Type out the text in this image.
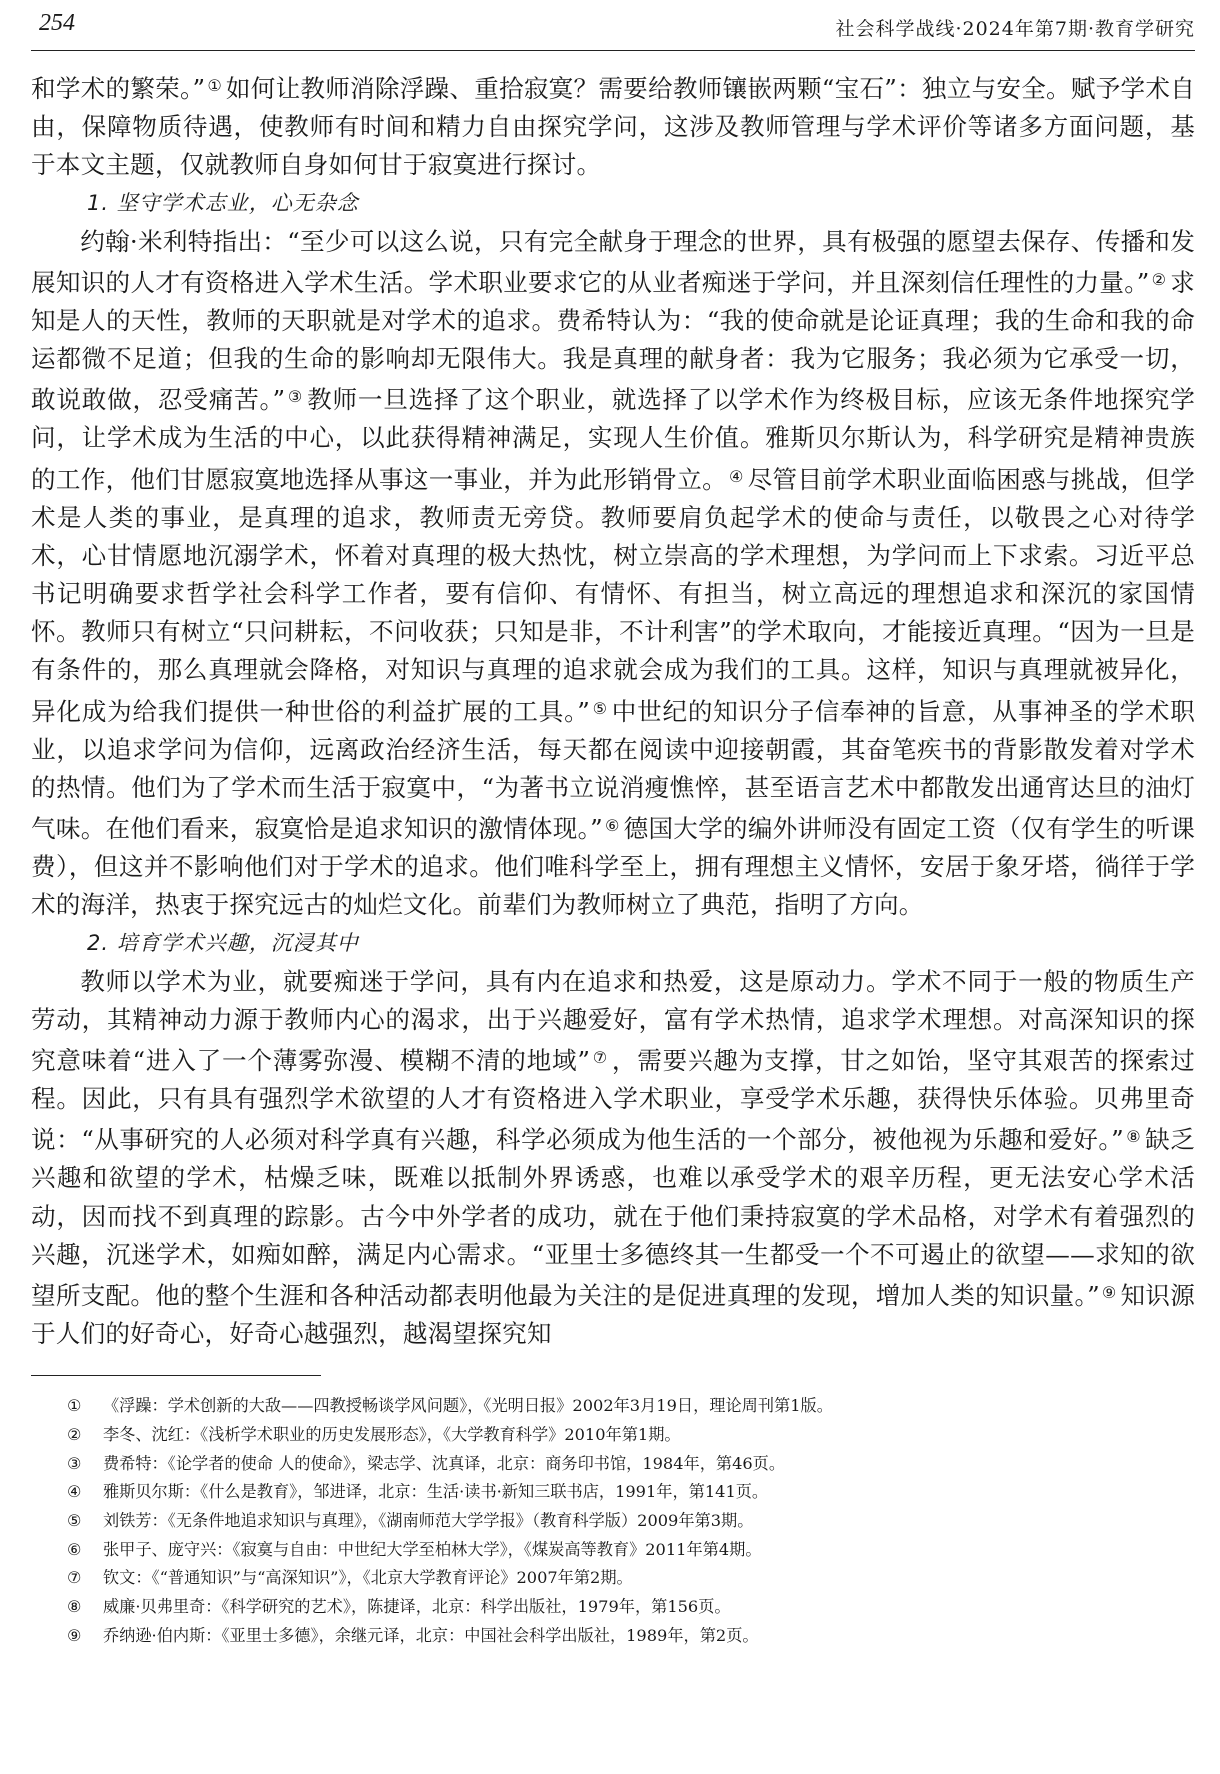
254	社会科学战线·2024年第7期·教育学研究

和学术的繁荣。” ① 如何让教师消除浮躁、重拾寂寞？需要给教师镶嵌两颗“宝石”：独立与安全。赋予学术自由，保障物质待遇，使教师有时间和精力自由探究学问，这涉及教师管理与学术评价等诸多方面问题，基于本文主题，仅就教师自身如何甘于寂寞进行探讨。

1. 坚守学术志业，心无杂念

约翰·米利特指出：“至少可以这么说，只有完全献身于理念的世界，具有极强的愿望去保存、传播和发展知识的人才有资格进入学术生活。学术职业要求它的从业者痴迷于学问，并且深刻信任理性的力量。” ② 求知是人的天性，教师的天职就是对学术的追求。费希特认为：“我的使命就是论证真理；我的生命和我的命运都微不足道；但我的生命的影响却无限伟大。我是真理的献身者：我为它服务；我必须为它承受一切，敢说敢做，忍受痛苦。” ③ 教师一旦选择了这个职业，就选择了以学术作为终极目标，应该无条件地探究学问，让学术成为生活的中心，以此获得精神满足，实现人生价值。雅斯贝尔斯认为，科学研究是精神贵族的工作，他们甘愿寂寞地选择从事这一事业，并为此形销骨立。 ④ 尽管目前学术职业面临困惑与挑战，但学术是人类的事业，是真理的追求，教师责无旁贷。教师要肩负起学术的使命与责任，以敬畏之心对待学术，心甘情愿地沉溺学术，怀着对真理的极大热忱，树立崇高的学术理想，为学问而上下求索。习近平总书记明确要求哲学社会科学工作者，要有信仰、有情怀、有担当，树立高远的理想追求和深沉的家国情怀。教师只有树立“只问耕耘，不问收获；只知是非，不计利害”的学术取向，才能接近真理。“因为一旦是有条件的，那么真理就会降格，对知识与真理的追求就会成为我们的工具。这样，知识与真理就被异化，异化成为给我们提供一种世俗的利益扩展的工具。” ⑤ 中世纪的知识分子信奉神的旨意，从事神圣的学术职业，以追求学问为信仰，远离政治经济生活，每天都在阅读中迎接朝霞，其奋笔疾书的背影散发着对学术的热情。他们为了学术而生活于寂寞中，“为著书立说消瘦憔悴，甚至语言艺术中都散发出通宵达旦的油灯气味。在他们看来，寂寞恰是追求知识的激情体现。” ⑥ 德国大学的编外讲师没有固定工资（仅有学生的听课费），但这并不影响他们对于学术的追求。他们唯科学至上，拥有理想主义情怀，安居于象牙塔，徜徉于学术的海洋，热衷于探究远古的灿烂文化。前辈们为教师树立了典范，指明了方向。

2. 培育学术兴趣，沉浸其中

教师以学术为业，就要痴迷于学问，具有内在追求和热爱，这是原动力。学术不同于一般的物质生产劳动，其精神动力源于教师内心的渴求，出于兴趣爱好，富有学术热情，追求学术理想。对高深知识的探究意味着“进入了一个薄雾弥漫、模糊不清的地域” ⑦ ，需要兴趣为支撑，甘之如饴，坚守其艰苦的探索过程。因此，只有具有强烈学术欲望的人才有资格进入学术职业，享受学术乐趣，获得快乐体验。贝弗里奇说：“从事研究的人必须对科学真有兴趣，科学必须成为他生活的一个部分，被他视为乐趣和爱好。” ⑧ 缺乏兴趣和欲望的学术，枯燥乏味，既难以抵制外界诱惑，也难以承受学术的艰辛历程，更无法安心学术活动，因而找不到真理的踪影。古今中外学者的成功，就在于他们秉持寂寞的学术品格，对学术有着强烈的兴趣，沉迷学术，如痴如醉，满足内心需求。“亚里士多德终其一生都受一个不可遏止的欲望——求知的欲望所支配。他的整个生涯和各种活动都表明他最为关注的是促进真理的发现，增加人类的知识量。” ⑨ 知识源于人们的好奇心，好奇心越强烈，越渴望探究知

① 《浮躁：学术创新的大敌——四教授畅谈学风问题》，《光明日报》2002年3月19日，理论周刊第1版。
② 李冬、沈红：《浅析学术职业的历史发展形态》，《大学教育科学》2010年第1期。
③ 费希特：《论学者的使命 人的使命》，梁志学、沈真译，北京：商务印书馆，1984年，第46页。
④ 雅斯贝尔斯：《什么是教育》，邹进译，北京：生活·读书·新知三联书店，1991年，第141页。
⑤ 刘铁芳：《无条件地追求知识与真理》，《湖南师范大学学报》（教育科学版）2009年第3期。
⑥ 张甲子、庞守兴：《寂寞与自由：中世纪大学至柏林大学》，《煤炭高等教育》2011年第4期。
⑦ 钦文：《“普通知识”与“高深知识”》，《北京大学教育评论》2007年第2期。
⑧ 威廉·贝弗里奇：《科学研究的艺术》，陈捷译，北京：科学出版社，1979年，第156页。
⑨ 乔纳逊·伯内斯：《亚里士多德》，余继元译，北京：中国社会科学出版社，1989年，第2页。
